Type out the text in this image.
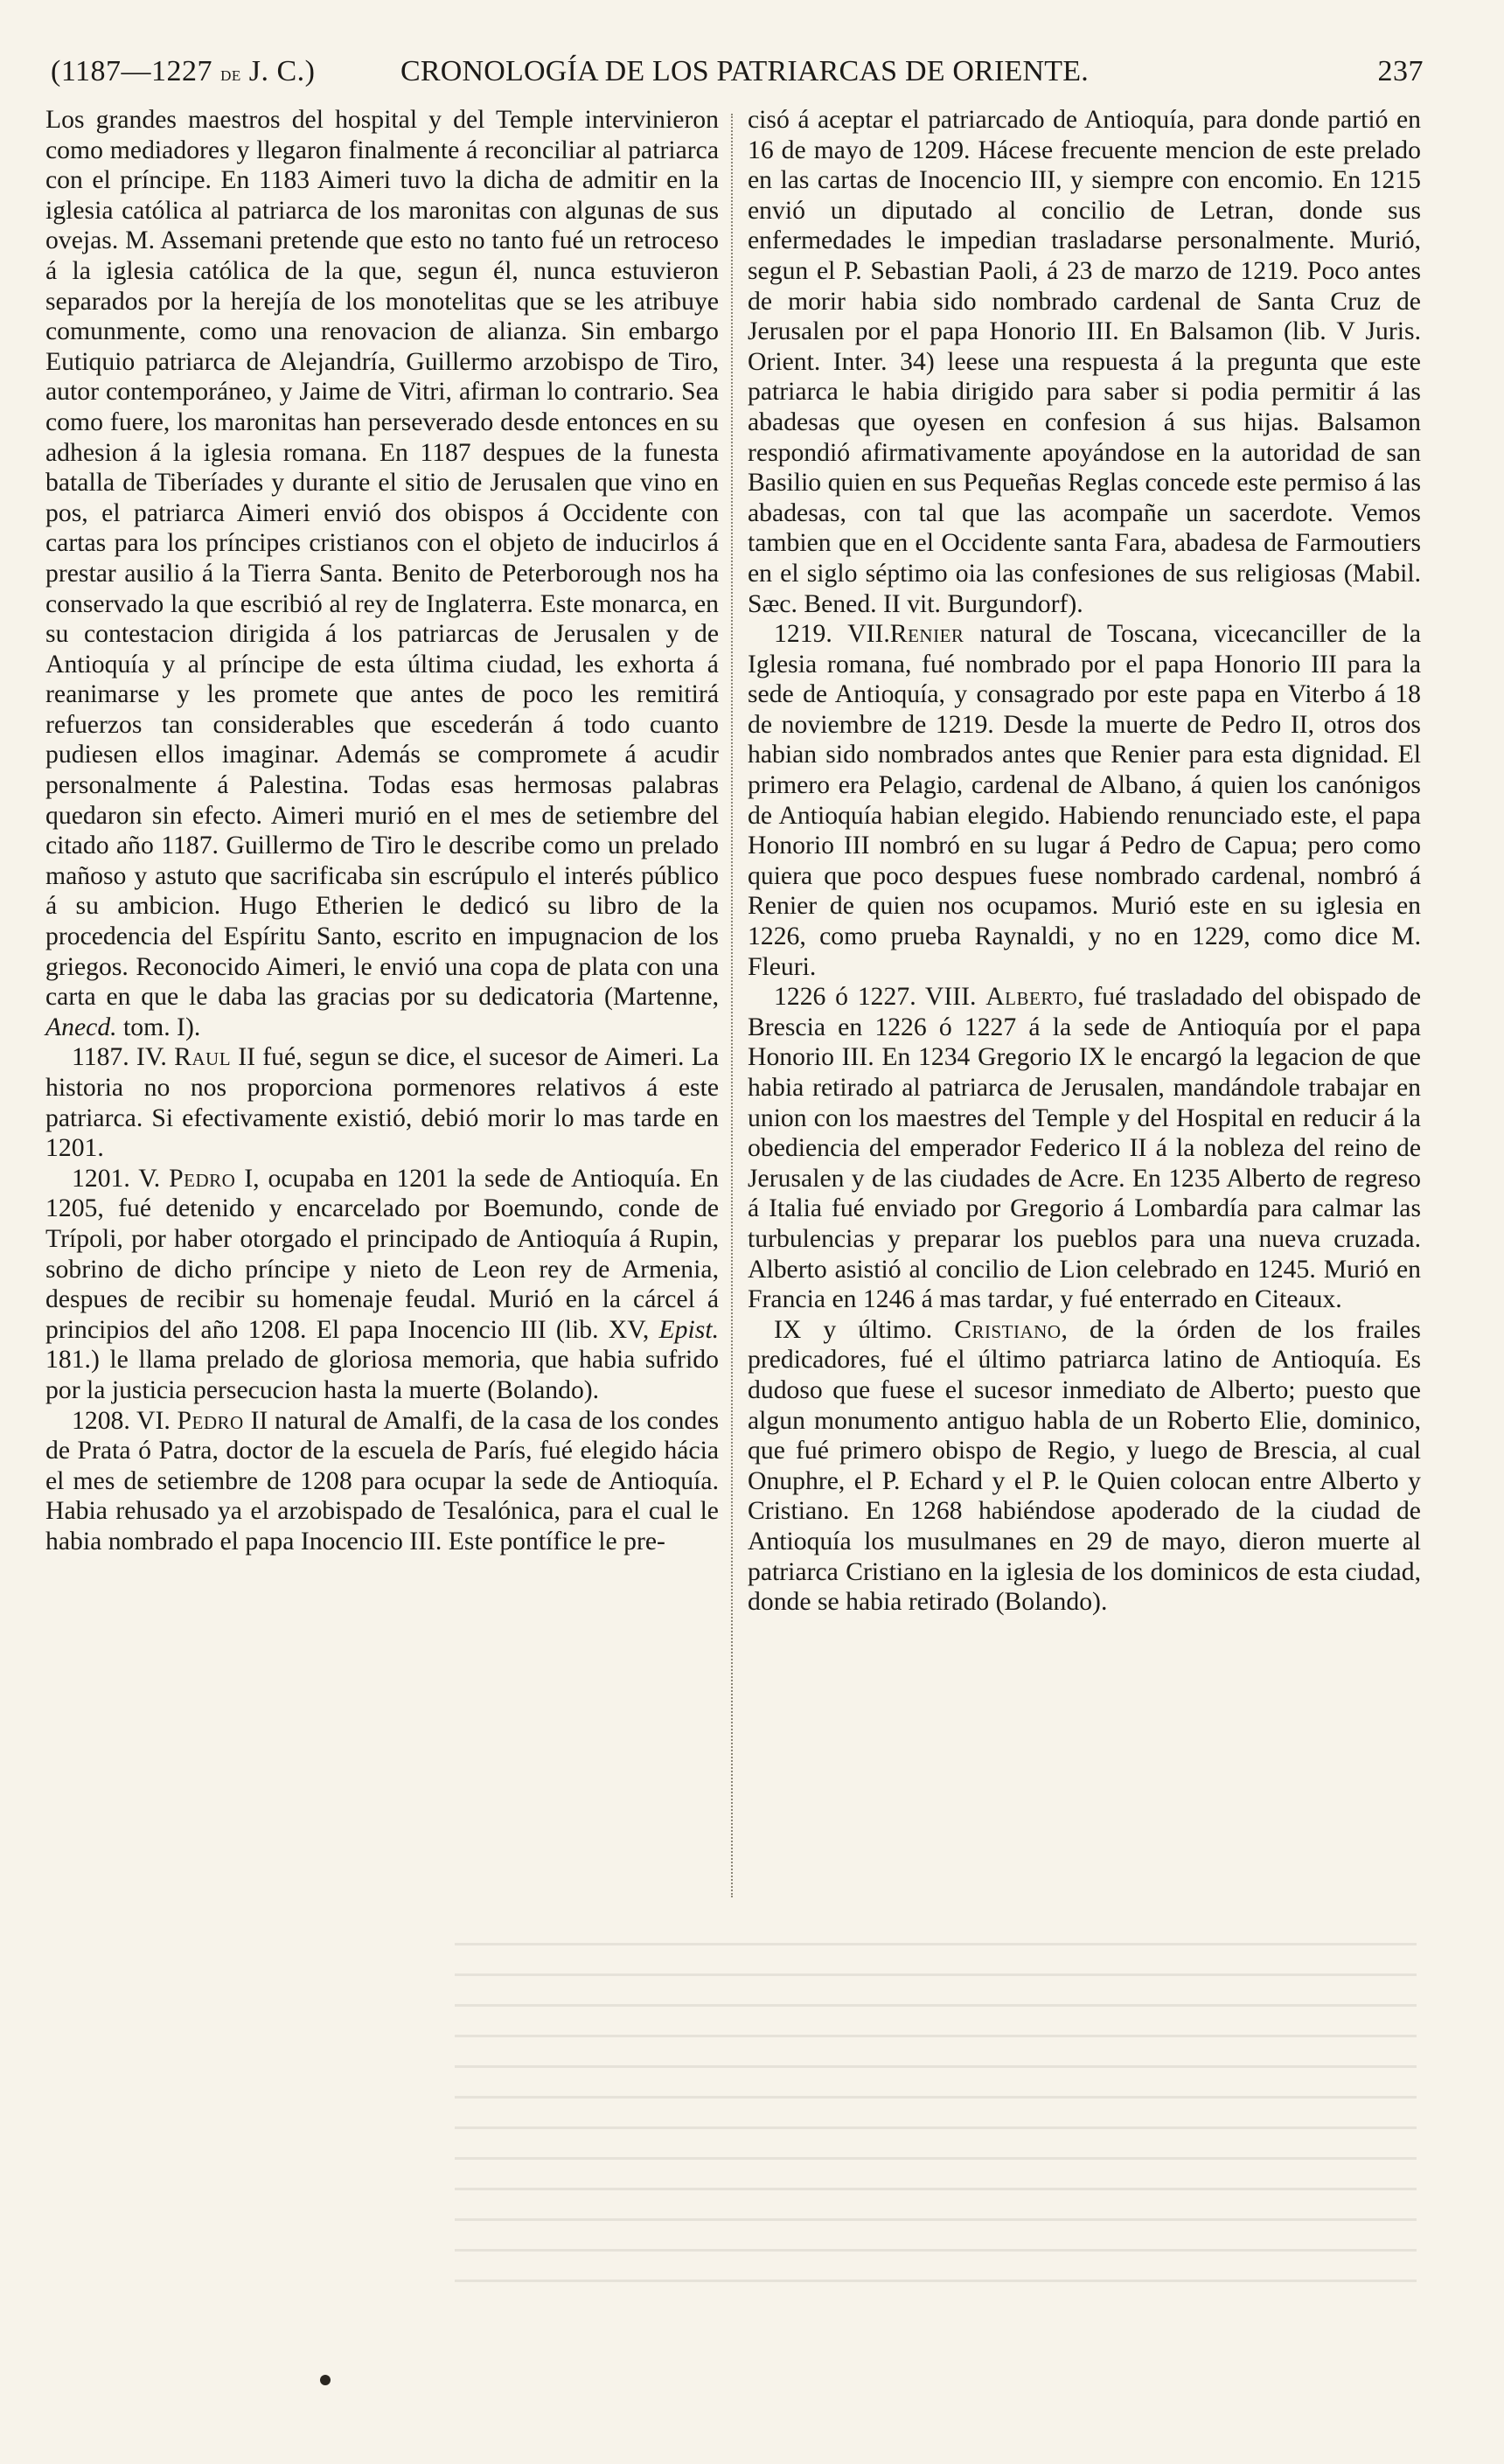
(1187—1227 de J. C.)	CRONOLOGÍA DE LOS PATRIARCAS DE ORIENTE.	237

Los grandes maestros del hospital y del Temple intervinieron como mediadores y llegaron finalmente á reconciliar al patriarca con el príncipe. En 1183 Aimeri tuvo la dicha de admitir en la iglesia católica al patriarca de los maronitas con algunas de sus ovejas. M. Assemani pretende que esto no tanto fué un retroceso á la iglesia católica de la que, segun él, nunca estuvieron separados por la herejía de los monotelitas que se les atribuye comunmente, como una renovacion de alianza. Sin embargo Eutiquio patriarca de Alejandría, Guillermo arzobispo de Tiro, autor contemporáneo, y Jaime de Vitri, afirman lo contrario. Sea como fuere, los maronitas han perseverado desde entonces en su adhesion á la iglesia romana. En 1187 despues de la funesta batalla de Tiberíades y durante el sitio de Jerusalen que vino en pos, el patriarca Aimeri envió dos obispos á Occidente con cartas para los príncipes cristianos con el objeto de inducirlos á prestar ausilio á la Tierra Santa. Benito de Peterborough nos ha conservado la que escribió al rey de Inglaterra. Este monarca, en su contestacion dirigida á los patriarcas de Jerusalen y de Antioquía y al príncipe de esta última ciudad, les exhorta á reanimarse y les promete que antes de poco les remitirá refuerzos tan considerables que escederán á todo cuanto pudiesen ellos imaginar. Además se compromete á acudir personalmente á Palestina. Todas esas hermosas palabras quedaron sin efecto. Aimeri murió en el mes de setiembre del citado año 1187. Guillermo de Tiro le describe como un prelado mañoso y astuto que sacrificaba sin escrúpulo el interés público á su ambicion. Hugo Etherien le dedicó su libro de la procedencia del Espíritu Santo, escrito en impugnacion de los griegos. Reconocido Aimeri, le envió una copa de plata con una carta en que le daba las gracias por su dedicatoria (Martenne, Anecd. tom. I).

1187. IV. Raul II fué, segun se dice, el sucesor de Aimeri. La historia no nos proporciona pormenores relativos á este patriarca. Si efectivamente existió, debió morir lo mas tarde en 1201.

1201. V. Pedro I, ocupaba en 1201 la sede de Antioquía. En 1205, fué detenido y encarcelado por Boemundo, conde de Trípoli, por haber otorgado el principado de Antioquía á Rupin, sobrino de dicho príncipe y nieto de Leon rey de Armenia, despues de recibir su homenaje feudal. Murió en la cárcel á principios del año 1208. El papa Inocencio III (lib. XV, Epist. 181.) le llama prelado de gloriosa memoria, que habia sufrido por la justicia persecucion hasta la muerte (Bolando).

1208. VI. Pedro II natural de Amalfi, de la casa de los condes de Prata ó Patra, doctor de la escuela de París, fué elegido hácia el mes de setiembre de 1208 para ocupar la sede de Antioquía. Habia rehusado ya el arzobispado de Tesalónica, para el cual le habia nombrado el papa Inocencio III. Este pontífice le pre-

cisó á aceptar el patriarcado de Antioquía, para donde partió en 16 de mayo de 1209. Hácese frecuente mencion de este prelado en las cartas de Inocencio III, y siempre con encomio. En 1215 envió un diputado al concilio de Letran, donde sus enfermedades le impedian trasladarse personalmente. Murió, segun el P. Sebastian Paoli, á 23 de marzo de 1219. Poco antes de morir habia sido nombrado cardenal de Santa Cruz de Jerusalen por el papa Honorio III. En Balsamon (lib. V Juris. Orient. Inter. 34) leese una respuesta á la pregunta que este patriarca le habia dirigido para saber si podia permitir á las abadesas que oyesen en confesion á sus hijas. Balsamon respondió afirmativamente apoyándose en la autoridad de san Basilio quien en sus Pequeñas Reglas concede este permiso á las abadesas, con tal que las acompañe un sacerdote. Vemos tambien que en el Occidente santa Fara, abadesa de Farmoutiers en el siglo séptimo oia las confesiones de sus religiosas (Mabil. Sæc. Bened. II vit. Burgundorf).

1219. VII.Renier natural de Toscana, vicecanciller de la Iglesia romana, fué nombrado por el papa Honorio III para la sede de Antioquía, y consagrado por este papa en Viterbo á 18 de noviembre de 1219. Desde la muerte de Pedro II, otros dos habian sido nombrados antes que Renier para esta dignidad. El primero era Pelagio, cardenal de Albano, á quien los canónigos de Antioquía habian elegido. Habiendo renunciado este, el papa Honorio III nombró en su lugar á Pedro de Capua; pero como quiera que poco despues fuese nombrado cardenal, nombró á Renier de quien nos ocupamos. Murió este en su iglesia en 1226, como prueba Raynaldi, y no en 1229, como dice M. Fleuri.

1226 ó 1227. VIII. Alberto, fué trasladado del obispado de Brescia en 1226 ó 1227 á la sede de Antioquía por el papa Honorio III. En 1234 Gregorio IX le encargó la legacion de que habia retirado al patriarca de Jerusalen, mandándole trabajar en union con los maestres del Temple y del Hospital en reducir á la obediencia del emperador Federico II á la nobleza del reino de Jerusalen y de las ciudades de Acre. En 1235 Alberto de regreso á Italia fué enviado por Gregorio á Lombardía para calmar las turbulencias y preparar los pueblos para una nueva cruzada. Alberto asistió al concilio de Lion celebrado en 1245. Murió en Francia en 1246 á mas tardar, y fué enterrado en Citeaux.

IX y último. Cristiano, de la órden de los frailes predicadores, fué el último patriarca latino de Antioquía. Es dudoso que fuese el sucesor inmediato de Alberto; puesto que algun monumento antiguo habla de un Roberto Elie, dominico, que fué primero obispo de Regio, y luego de Brescia, al cual Onuphre, el P. Echard y el P. le Quien colocan entre Alberto y Cristiano. En 1268 habiéndose apoderado de la ciudad de Antioquía los musulmanes en 29 de mayo, dieron muerte al patriarca Cristiano en la iglesia de los dominicos de esta ciudad, donde se habia retirado (Bolando).
